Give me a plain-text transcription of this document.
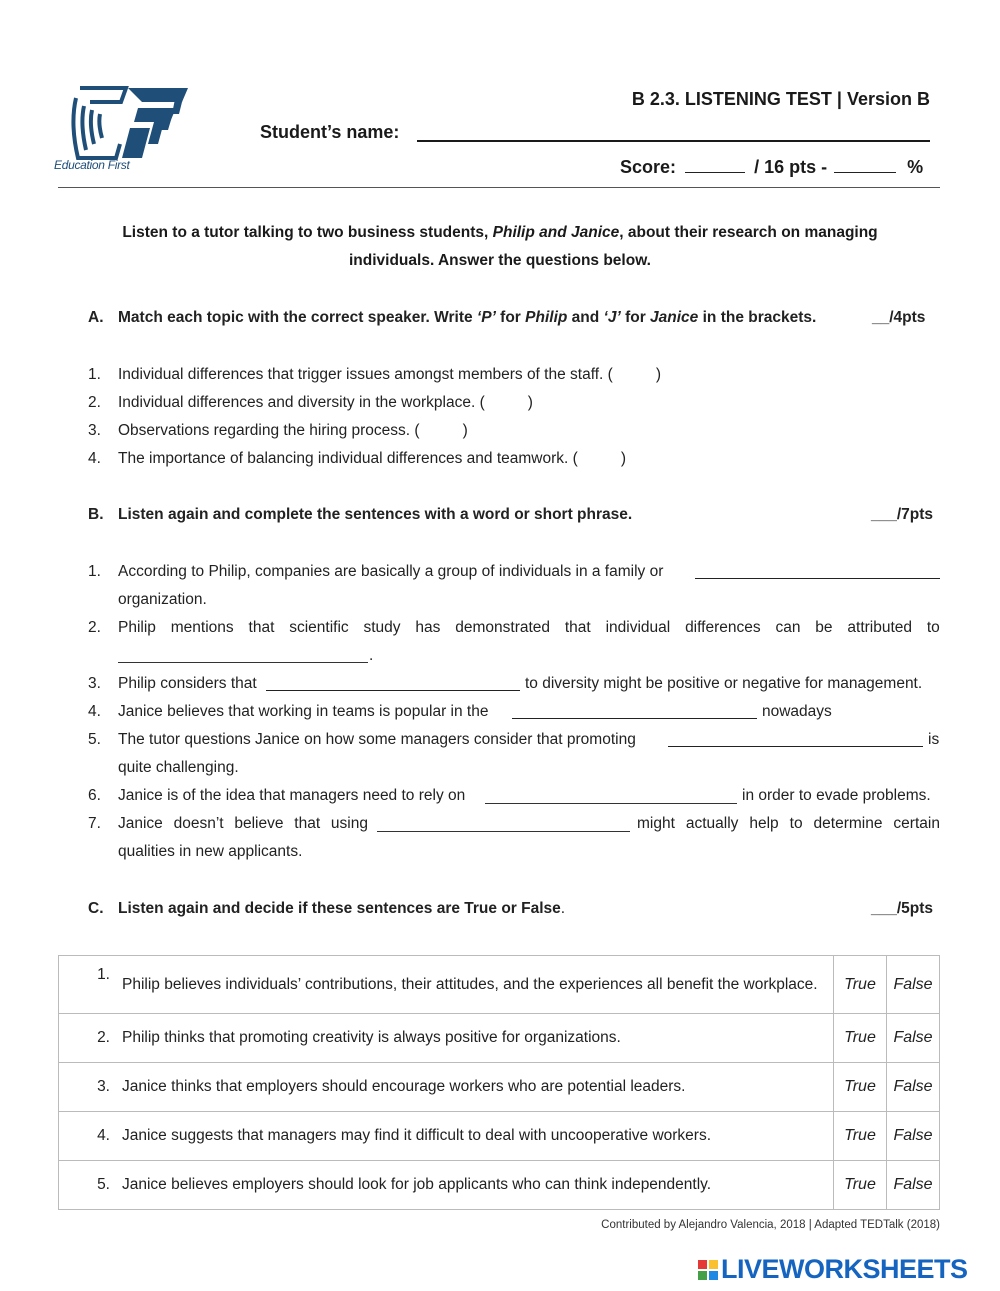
Education First
B 2.3. LISTENING TEST | Version B
Student’s name:
Score:	/ 16 pts -	%
Listen to a tutor talking to two business students, Philip and Janice, about their research on managing
individuals. Answer the questions below.
A. Match each topic with the correct speaker. Write ‘P’ for Philip and ‘J’ for Janice in the brackets.	__/4pts
1. Individual differences that trigger issues amongst members of the staff. (          )
2. Individual differences and diversity in the workplace. (          )
3. Observations regarding the hiring process. (          )
4. The importance of balancing individual differences and teamwork. (          )
B. Listen again and complete the sentences with a word or short phrase.	___/7pts
1. According to Philip, companies are basically a group of individuals in a family or
organization.
2. Philip mentions that scientific study has demonstrated that individual differences can be attributed to
.
3. Philip considers that	to diversity might be positive or negative for management.
4. Janice believes that working in teams is popular in the	nowadays
5. The tutor questions Janice on how some managers consider that promoting	is
quite challenging.
6. Janice is of the idea that managers need to rely on	in order to evade problems.
7. Janice doesn’t believe that using	might actually help to determine certain
qualities in new applicants.
C. Listen again and decide if these sentences are True or False.	___/5pts
1.	Philip believes individuals’ contributions, their attitudes, and the experiences all benefit the workplace.	True	False
2.	Philip thinks that promoting creativity is always positive for organizations.	True	False
3.	Janice thinks that employers should encourage workers who are potential leaders.	True	False
4.	Janice suggests that managers may find it difficult to deal with uncooperative workers.	True	False
5.	Janice believes employers should look for job applicants who can think independently.	True	False
Contributed by Alejandro Valencia, 2018 | Adapted TEDTalk (2018)
LIVEWORKSHEETS
